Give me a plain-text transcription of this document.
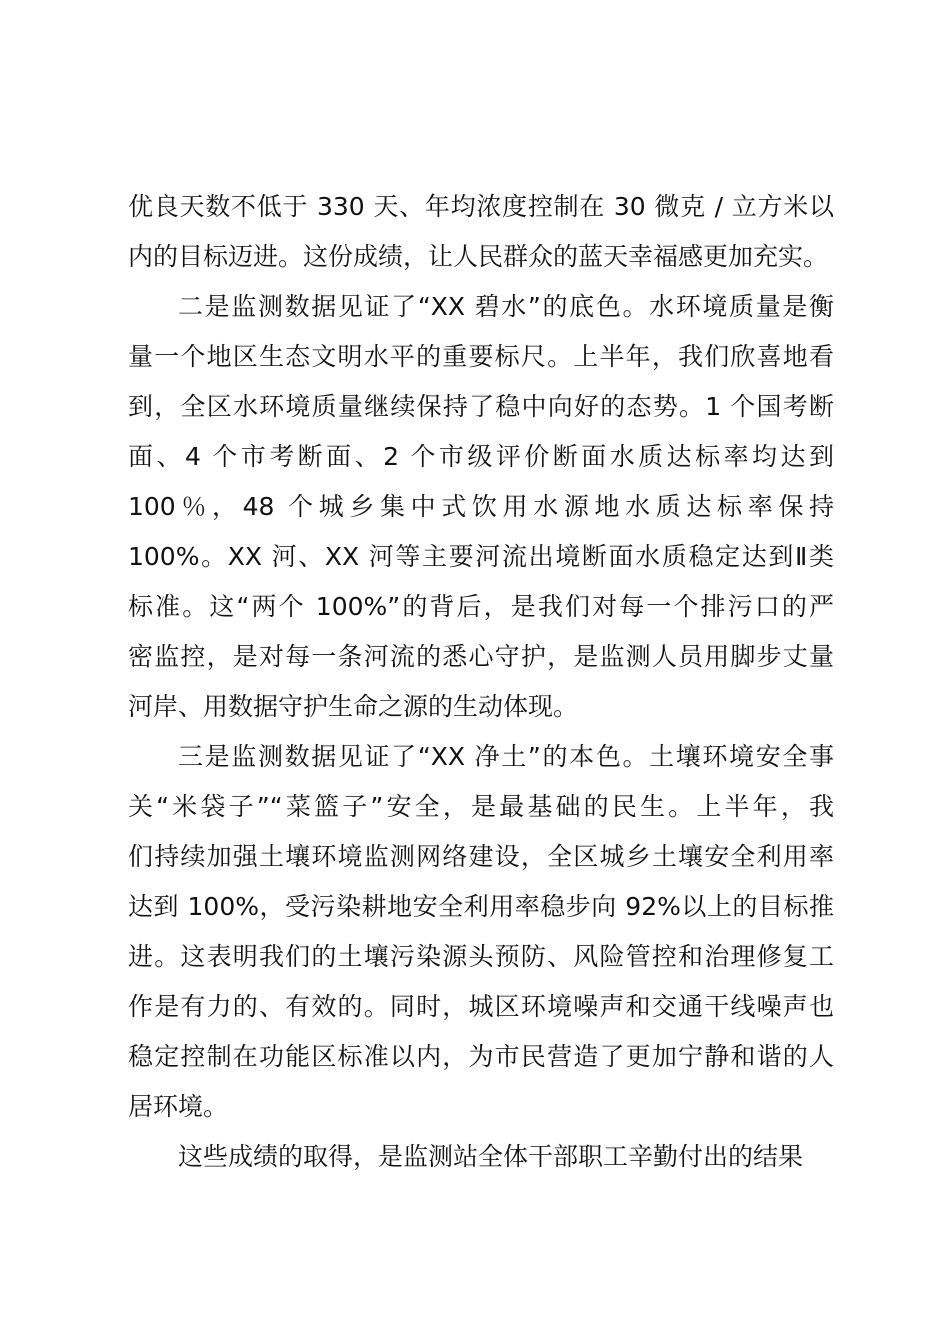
优良天数不低于 330 天、年均浓度控制在 30 微克 / 立方米以
内的目标迈进。这份成绩，让人民群众的蓝天幸福感更加充实。
二是监测数据见证了“XX 碧水”的底色。水环境质量是衡
量一个地区生态文明水平的重要标尺。上半年，我们欣喜地看
到，全区水环境质量继续保持了稳中向好的态势。1 个国考断
面、4 个市考断面、2 个市级评价断面水质达标率均达到
100％，48 个城乡集中式饮用水源地水质达标率保持
100%。XX 河、XX 河等主要河流出境断面水质稳定达到Ⅱ类
标准。这“两个 100%”的背后，是我们对每一个排污口的严
密监控，是对每一条河流的悉心守护，是监测人员用脚步丈量
河岸、用数据守护生命之源的生动体现。
三是监测数据见证了“XX 净土”的本色。土壤环境安全事
关“米袋子”“菜篮子”安全，是最基础的民生。上半年，我
们持续加强土壤环境监测网络建设，全区城乡土壤安全利用率
达到 100%，受污染耕地安全利用率稳步向 92%以上的目标推
进。这表明我们的土壤污染源头预防、风险管控和治理修复工
作是有力的、有效的。同时，城区环境噪声和交通干线噪声也
稳定控制在功能区标准以内，为市民营造了更加宁静和谐的人
居环境。
这些成绩的取得，是监测站全体干部职工辛勤付出的结果
